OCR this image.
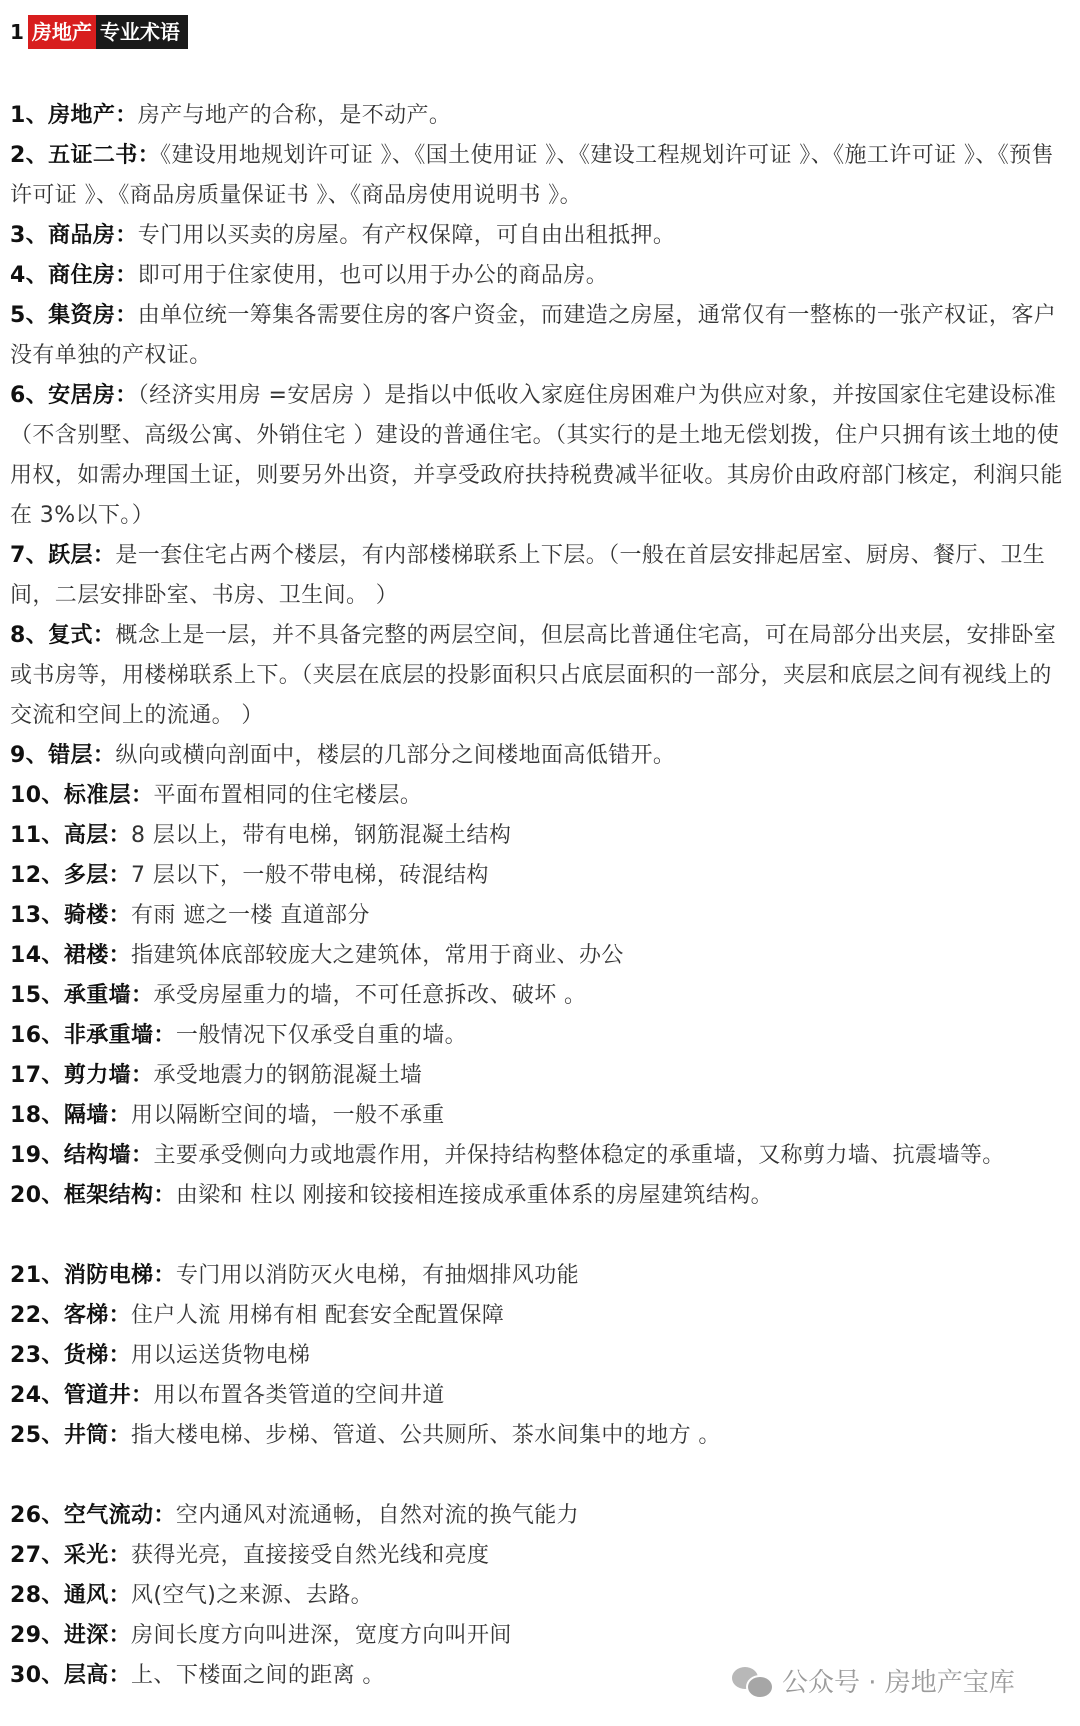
1 房地产 专业术语

1、房地产：房产与地产的合称，是不动产。

2、五证二书：《建设用地规划许可证 》、《国土使用证 》、《建设工程规划许可证 》、《施工许可证 》、《预售许可证 》、《商品房质量保证书 》、《商品房使用说明书 》。

3、商品房：专门用以买卖的房屋。有产权保障，可自由出租抵押。

4、商住房：即可用于住家使用，也可以用于办公的商品房。

5、集资房：由单位统一筹集各需要住房的客户资金，而建造之房屋，通常仅有一整栋的一张产权证，客户没有单独的产权证。

6、安居房：（经济实用房 =安居房 ）是指以中低收入家庭住房困难户为供应对象，并按国家住宅建设标准（不含别墅、高级公寓、外销住宅 ）建设的普通住宅。（其实行的是土地无偿划拨，住户只拥有该土地的使用权，如需办理国土证，则要另外出资，并享受政府扶持税费减半征收。其房价由政府部门核定，利润只能在 3%以下。）

7、跃层：是一套住宅占两个楼层，有内部楼梯联系上下层。（一般在首层安排起居室、厨房、餐厅、卫生间，二层安排卧室、书房、卫生间。 ）

8、复式：概念上是一层，并不具备完整的两层空间，但层高比普通住宅高，可在局部分出夹层，安排卧室或书房等，用楼梯联系上下。（夹层在底层的投影面积只占底层面积的一部分，夹层和底层之间有视线上的交流和空间上的流通。 ）

9、错层：纵向或横向剖面中，楼层的几部分之间楼地面高低错开。

10、标准层：平面布置相同的住宅楼层。

11、高层：8 层以上，带有电梯，钢筋混凝土结构

12、多层：7 层以下，一般不带电梯，砖混结构

13、骑楼：有雨 遮之一楼 直道部分

14、裙楼：指建筑体底部较庞大之建筑体，常用于商业、办公

15、承重墙：承受房屋重力的墙，不可任意拆改、破坏 。

16、非承重墙：一般情况下仅承受自重的墙。

17、剪力墙：承受地震力的钢筋混凝土墙

18、隔墙：用以隔断空间的墙，一般不承重

19、结构墙：主要承受侧向力或地震作用，并保持结构整体稳定的承重墙，又称剪力墙、抗震墙等。

20、框架结构：由梁和 柱以 刚接和铰接相连接成承重体系的房屋建筑结构。

21、消防电梯：专门用以消防灭火电梯，有抽烟排风功能

22、客梯：住户人流 用梯有相 配套安全配置保障

23、货梯：用以运送货物电梯

24、管道井：用以布置各类管道的空间井道

25、井筒：指大楼电梯、步梯、管道、公共厕所、茶水间集中的地方 。

26、空气流动：空内通风对流通畅，自然对流的换气能力

27、采光：获得光亮，直接接受自然光线和亮度

28、通风：风(空气)之来源、去路。

29、进深：房间长度方向叫进深，宽度方向叫开间

30、层高：上、下楼面之间的距离 。	公众号 · 房地产宝库
